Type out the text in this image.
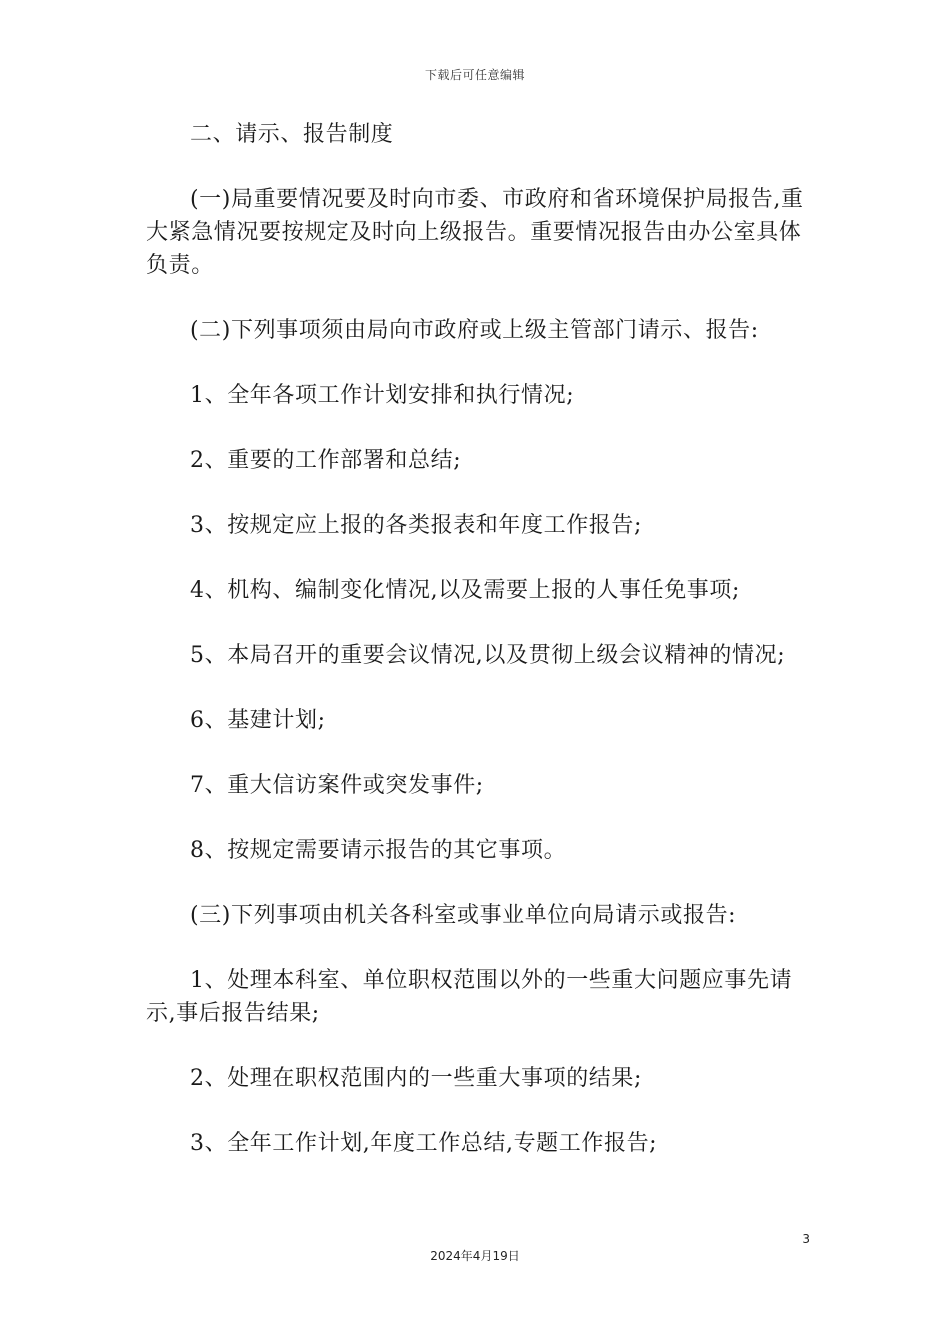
下载后可任意编辑

二、请示、报告制度

(一)局重要情况要及时向市委、市政府和省环境保护局报告,重大紧急情况要按规定及时向上级报告。重要情况报告由办公室具体负责。

(二)下列事项须由局向市政府或上级主管部门请示、报告:

1、全年各项工作计划安排和执行情况;

2、重要的工作部署和总结;

3、按规定应上报的各类报表和年度工作报告;

4、机构、编制变化情况,以及需要上报的人事任免事项;

5、本局召开的重要会议情况,以及贯彻上级会议精神的情况;

6、基建计划;

7、重大信访案件或突发事件;

8、按规定需要请示报告的其它事项。

(三)下列事项由机关各科室或事业单位向局请示或报告:

1、处理本科室、单位职权范围以外的一些重大问题应事先请示,事后报告结果;

2、处理在职权范围内的一些重大事项的结果;

3、全年工作计划,年度工作总结,专题工作报告;

3
2024年4月19日
